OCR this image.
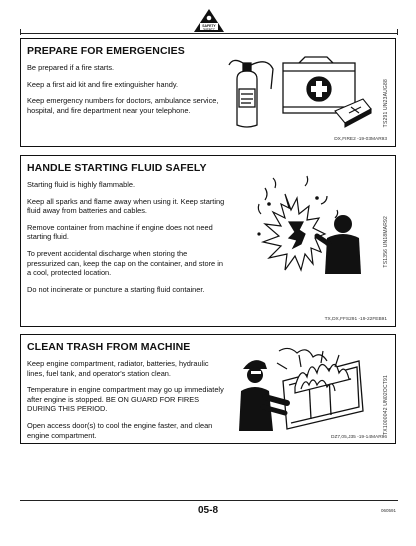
SAFETY
SAFETY
PREPARE FOR EMERGENCIES

Be prepared if a fire starts.

Keep a first aid kit and fire extinguisher handy.

Keep emergency numbers for doctors, ambulance service, hospital, and fire department near your telephone.	TS291 UN23AUG88
DX,FIRE2 -19-03MAR93
HANDLE STARTING FLUID SAFELY

Starting fluid is highly flammable.

Keep all sparks and flame away when using it. Keep starting fluid away from batteries and cables.

Remove container from machine if engine does not need starting fluid.

To prevent accidental discharge when storing the pressurized can, keep the cap on the container, and store in a cool, protected location.

Do not incinerate or puncture a starting fluid container.

TS1356 UN18MAR92
TX,DX,FFS291 -19-22FEB91
CLEAN TRASH FROM MACHINE

Keep engine compartment, radiator, batteries, hydraulic lines, fuel tank, and operator's station clean.

Temperature in engine compartment may go up immediately after engine is stopped. BE ON GUARD FOR FIRES DURING THIS PERIOD.

Open access door(s) to cool the engine faster, and clean engine compartment.

TX1000042 UN02OCT91
DZ7,05,J35 -19-14MAR96
05-8	060591
